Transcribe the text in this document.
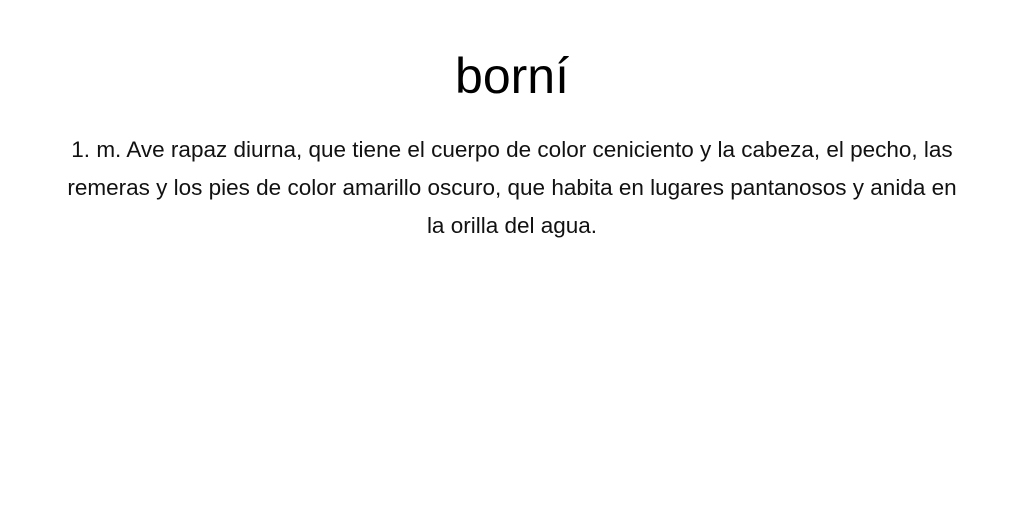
borní

1. m. Ave rapaz diurna, que tiene el cuerpo de color ceniciento y la cabeza, el pecho, las remeras y los pies de color amarillo oscuro, que habita en lugares pantanosos y anida en la orilla del agua.
